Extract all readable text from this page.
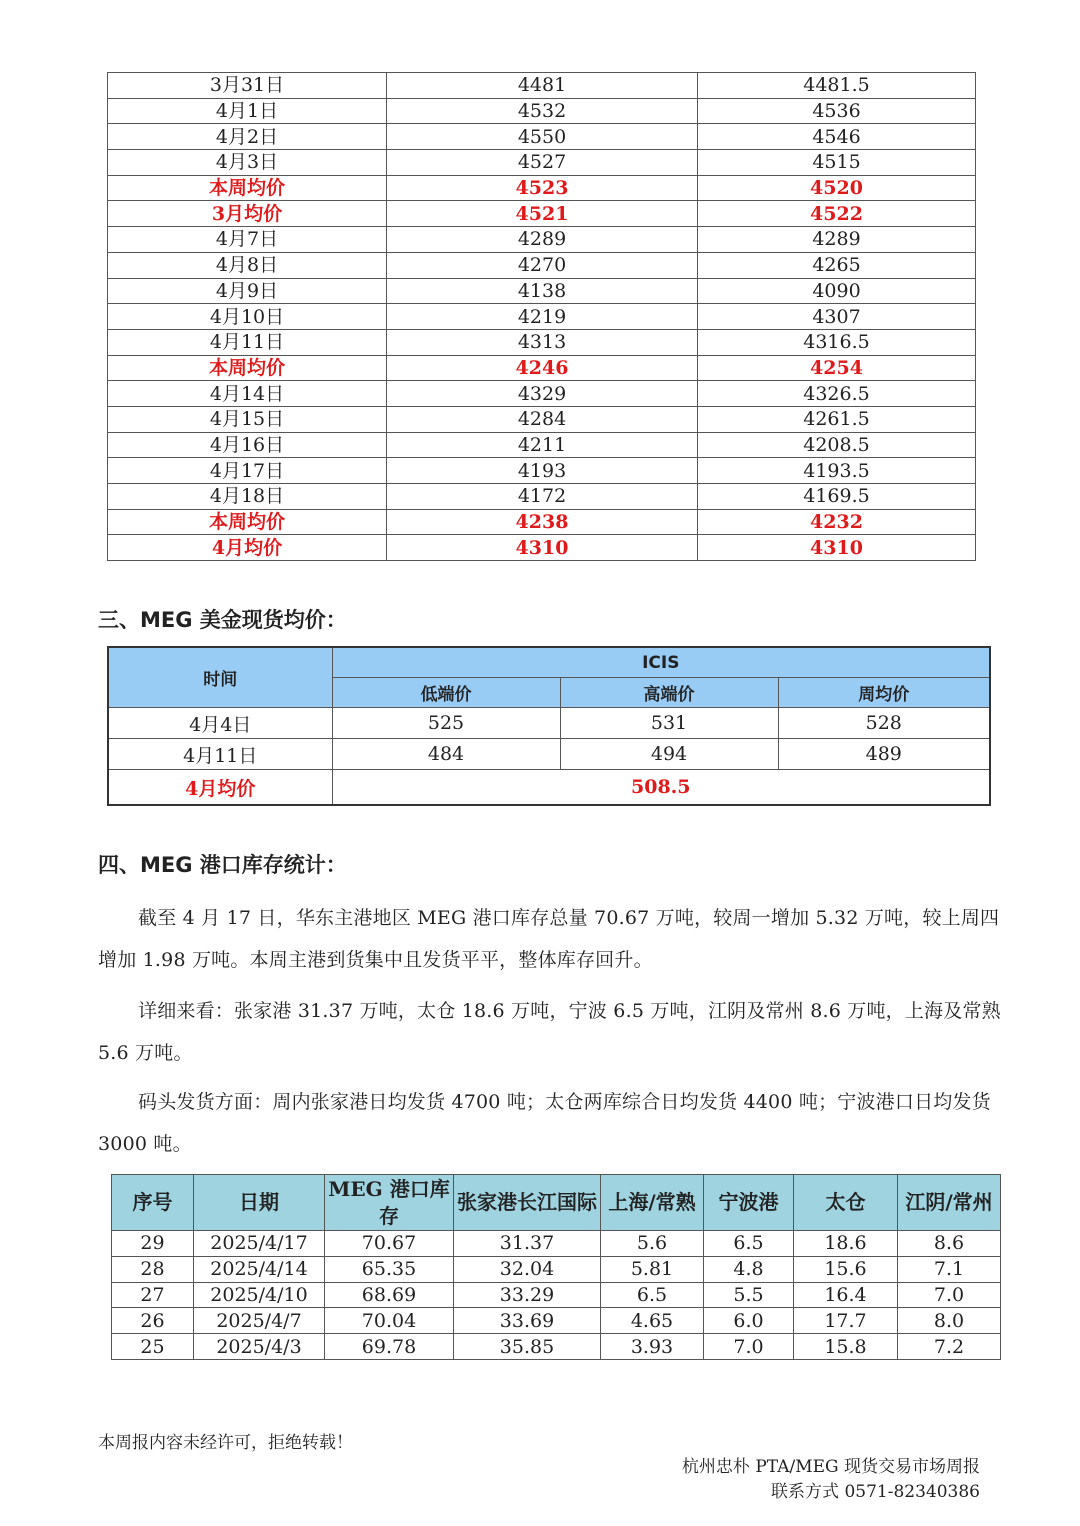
3月31日	4481	4481.5
4月1日	4532	4536
4月2日	4550	4546
4月3日	4527	4515
本周均价	4523	4520
3月均价	4521	4522
4月7日	4289	4289
4月8日	4270	4265
4月9日	4138	4090
4月10日	4219	4307
4月11日	4313	4316.5
本周均价	4246	4254
4月14日	4329	4326.5
4月15日	4284	4261.5
4月16日	4211	4208.5
4月17日	4193	4193.5
4月18日	4172	4169.5
本周均价	4238	4232
4月均价	4310	4310
三、MEG 美金现货均价：
时间	ICIS		
	低端价	高端价	周均价
4月4日	525	531	528
4月11日	484	494	489
4月均价	508.5		
四、MEG 港口库存统计：
截至 4 月 17 日，华东主港地区 MEG 港口库存总量 70.67 万吨，较周一增加 5.32 万吨，较上周四增加 1.98 万吨。本周主港到货集中且发货平平，整体库存回升。
详细来看：张家港 31.37 万吨，太仓 18.6 万吨，宁波 6.5 万吨，江阴及常州 8.6 万吨，上海及常熟 5.6 万吨。
码头发货方面：周内张家港日均发货 4700 吨；太仓两库综合日均发货 4400 吨；宁波港口日均发货 3000 吨。
序号	日期	MEG 港口库存	张家港长江国际	上海/常熟	宁波港	太仓	江阴/常州
29	2025/4/17	70.67	31.37	5.6	6.5	18.6	8.6
28	2025/4/14	65.35	32.04	5.81	4.8	15.6	7.1
27	2025/4/10	68.69	33.29	6.5	5.5	16.4	7.0
26	2025/4/7	70.04	33.69	4.65	6.0	17.7	8.0
25	2025/4/3	69.78	35.85	3.93	7.0	15.8	7.2
本周报内容未经许可，拒绝转载！
杭州忠朴 PTA/MEG 现货交易市场周报
联系方式 0571-82340386
